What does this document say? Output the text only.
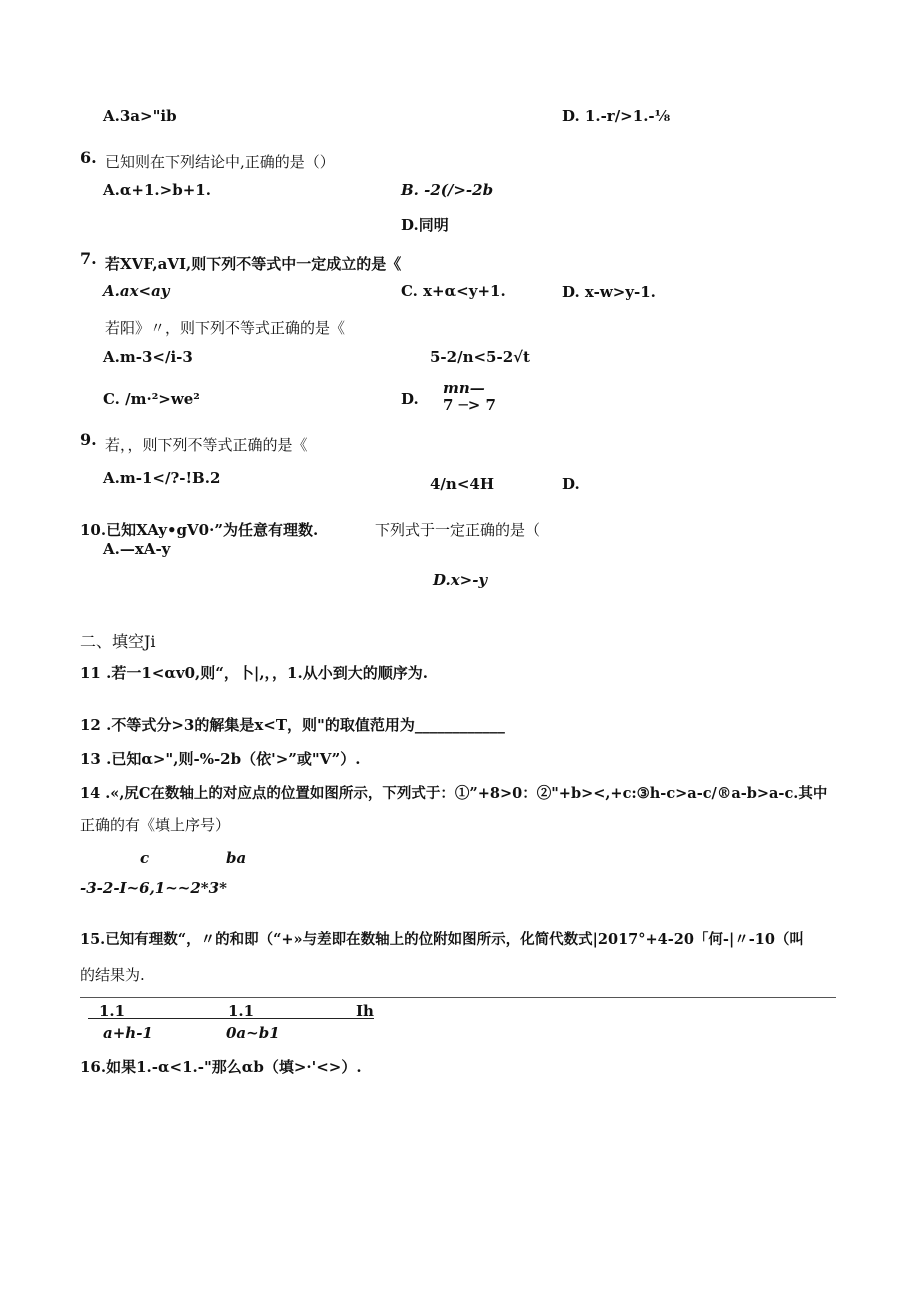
A.3a>"ib	D. 1.-r/>1.-⅛
6. 已知则在下列结论中,正确的是（）
A.α+1.>b+1.	B. -2(/>-2b
D.同明
7. 若XVF,aVI,则下列不等式中一定成立的是《
A.ax<ay	C. x+α<y+1.	D. x-w>y-1.
若阳》〃，则下列不等式正确的是《
A.m-3</i-3	5-2/n<5-2√t
C. /m·²>we²	D.
mn—
7 ─> 7
9. 若，，则下列不等式正确的是《
A.m-1</?-!B.2	4/n<4H	D.
10.已知XAy•gV0·”为任意有理数.	下列式于一定正确的是（
A.—xA-y
D.x>-y
二、填空Ji
11 .若一1<αv0,则“，卜|,，，1.从小到大的顺序为.
12 .不等式分>3的解集是x<T，则"的取值范用为____________
13 .已知α>",则-%-2b（依'>”或"V”）.
14 .«,尻C在数轴上的对应点的位置如图所示，下列式于：①”+8>0：②"+b><,+c:③h-c>a-c/®a-b>a-c.其中
正确的有《填上序号）
c	ba
-3-2-I~6,1~~2*3*
15.已知有理数“，〃的和即（“+»与差即在数轴上的位附如图所示，化简代数式|2017°+4-20「何-|〃-10（叫
的结果为.
1.1	1.1	Ih
a+h-1	0a~b1
16.如果1.-α<1.-"那么αb（填>·'<>）.
